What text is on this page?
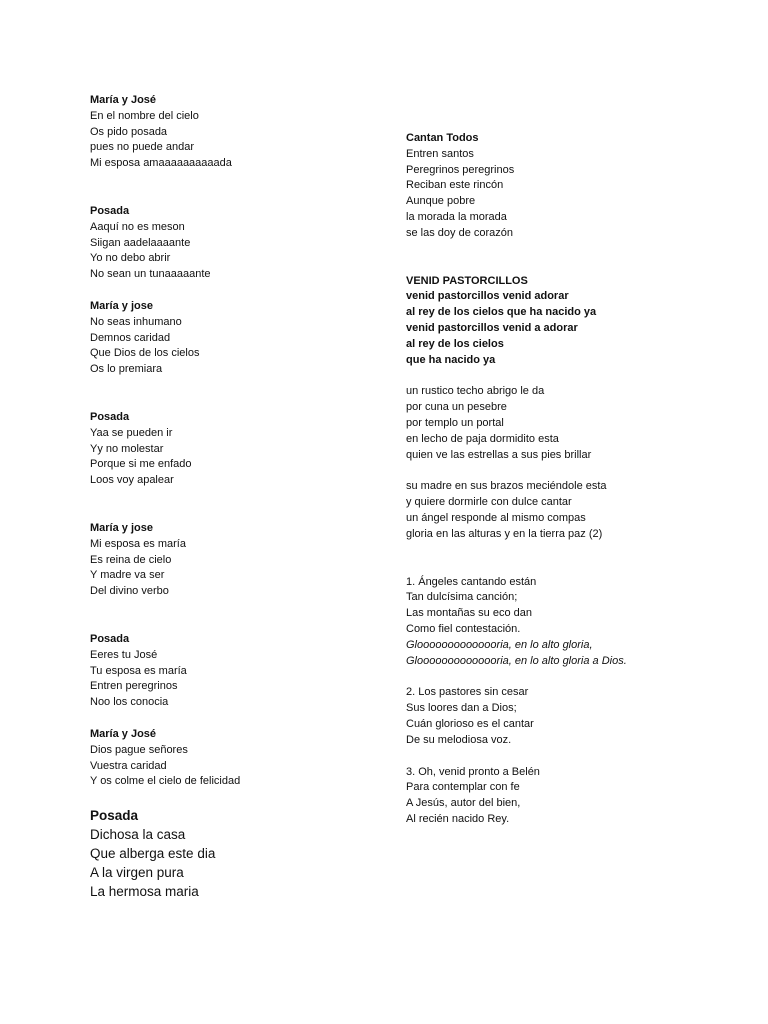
María y José
En el nombre del cielo
Os pido posada
pues no puede andar
Mi esposa amaaaaaaaaaada
Posada
Aaquí no es meson
Siigan aadelaaaante
Yo no debo abrir
No sean un tunaaaaante
María y jose
No seas inhumano
Demnos caridad
Que Dios de los cielos
Os lo premiara
Posada
Yaa se pueden ir
Yy no molestar
Porque si me enfado
Loos voy apalear
María y jose
Mi esposa es maría
Es reina de cielo
Y madre va ser
Del divino verbo
Posada
Eeres tu José
Tu esposa es maría
Entren peregrinos
Noo los conocia
María y José
Dios pague señores
Vuestra caridad
Y os colme el cielo de felicidad
Posada
Dichosa la casa
Que alberga este dia
A la virgen pura
La hermosa maria
Cantan Todos
Entren santos
Peregrinos peregrinos
Reciban este rincón
Aunque pobre
la morada la morada
se las doy de corazón
VENID PASTORCILLOS
venid pastorcillos venid adorar
al rey de los cielos que ha nacido ya
venid pastorcillos venid a adorar
al rey de los cielos
que ha nacido ya
un rustico techo abrigo le da
por cuna un pesebre
por templo un portal
en lecho de paja dormidito esta
quien ve las estrellas a sus pies brillar
su madre en sus brazos meciéndole esta
y quiere dormirle con dulce cantar
un ángel responde al mismo compas
gloria en las alturas y en la tierra paz (2)
1. Ángeles cantando están
Tan dulcísima canción;
Las montañas su eco dan
Como fiel contestación.
Gloooooooooooooria, en lo alto gloria,
Gloooooooooooooria, en lo alto gloria a Dios.
2. Los pastores sin cesar
Sus loores dan a Dios;
Cuán glorioso es el cantar
De su melodiosa voz.
3. Oh, venid pronto a Belén
Para contemplar con fe
A Jesús, autor del bien,
Al recién nacido Rey.
